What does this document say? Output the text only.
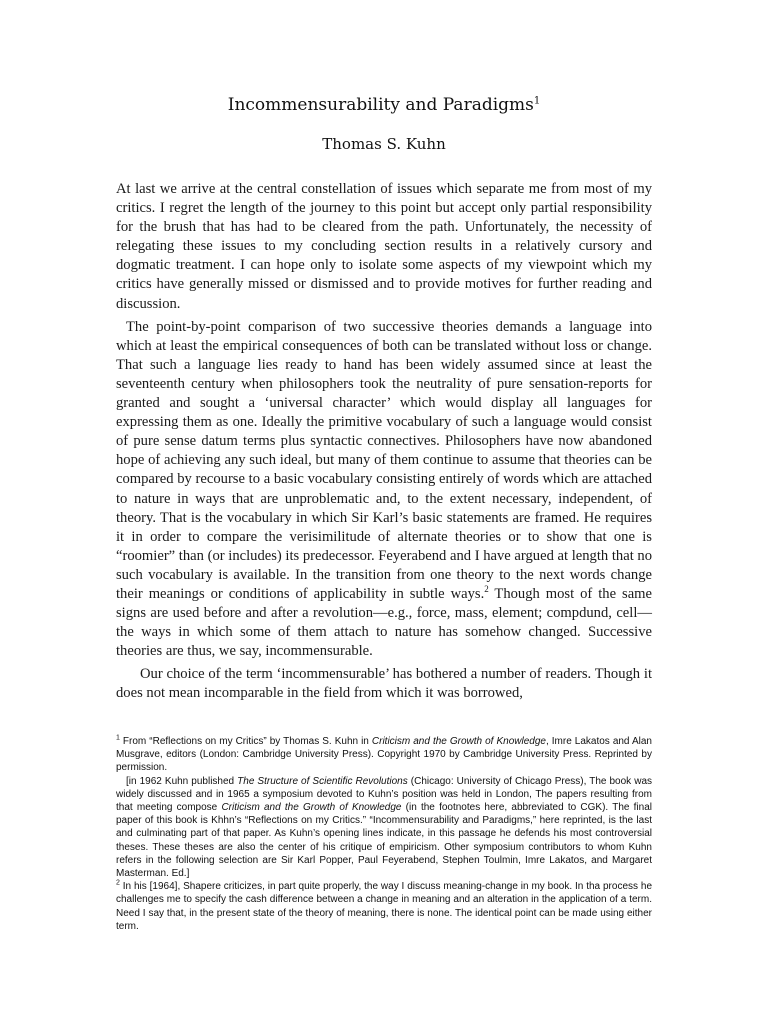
Incommensurability and Paradigms$^1$
Thomas S. Kuhn

At last we arrive at the central constellation of issues which separate me from most of my critics. I regret the length of the journey to this point but accept only partial responsibility for the brush that has had to be cleared from the path. Unfortunately, the necessity of relegating these issues to my concluding section results in a relatively cursory and dogmatic treatment. I can hope only to isolate some aspects of my viewpoint which my critics have generally missed or dismissed and to provide motives for further reading and discussion.

The point-by-point comparison of two successive theories demands a language into which at least the empirical consequences of both can be translated without loss or change. That such a language lies ready to hand has been widely assumed since at least the seventeenth century when philosophers took the neutrality of pure sensation-reports for granted and sought a ‘universal character’ which would display all languages for expressing them as one. Ideally the primitive vocabulary of such a language would consist of pure sense datum terms plus syntactic connectives. Philosophers have now abandoned hope of achieving any such ideal, but many of them continue to assume that theories can be compared by recourse to a basic vocabulary consisting entirely of words which are attached to nature in ways that are unproblematic and, to the extent necessary, independent, of theory. That is the vocabulary in which Sir Karl’s basic statements are framed. He requires it in order to compare the verisimilitude of alternate theories or to show that one is “roomier” than (or includes) its predecessor. Feyerabend and I have argued at length that no such vocabulary is available. In the transition from one theory to the next words change their meanings or conditions of applicability in subtle ways.$^2$ Though most of the same signs are used before and after a revolution—e.g., force, mass, element; compdund, cell—the ways in which some of them attach to nature has somehow changed. Successive theories are thus, we say, incommensurable.

Our choice of the term ‘incommensurable’ has bothered a number of readers. Though it does not mean incomparable in the field from which it was borrowed,

$^1$ From “Reflections on my Critics” by Thomas S. Kuhn in Criticism and the Growth of Knowledge, Imre Lakatos and Alan Musgrave, editors (London: Cambridge University Press). Copyright 1970 by Cambridge University Press. Reprinted by permission.

[in 1962 Kuhn published The Structure of Scientific Revolutions (Chicago: University of Chicago Press), The book was widely discussed and in 1965 a symposium devoted to Kuhn’s position was held in London, The papers resulting from that meeting compose Criticism and the Growth of Knowledge (in the footnotes here, abbreviated to CGK). The final paper of this book is Khhn’s “Reflections on my Critics.” “Incommensurability and Paradigms,” here reprinted, is the last and culminating part of that paper. As Kuhn’s opening lines indicate, in this passage he defends his most controversial theses. These theses are also the center of his critique of empiricism. Other symposium contributors to whom Kuhn refers in the following selection are Sir Karl Popper, Paul Feyerabend, Stephen Toulmin, Imre Lakatos, and Margaret Masterman. Ed.]

$^2$ In his [1964], Shapere criticizes, in part quite properly, the way I discuss meaning-change in my book. In tha process he challenges me to specify the cash difference between a change in meaning and an alteration in the application of a term. Need I say that, in the present state of the theory of meaning, there is none. The identical point can be made using either term.
